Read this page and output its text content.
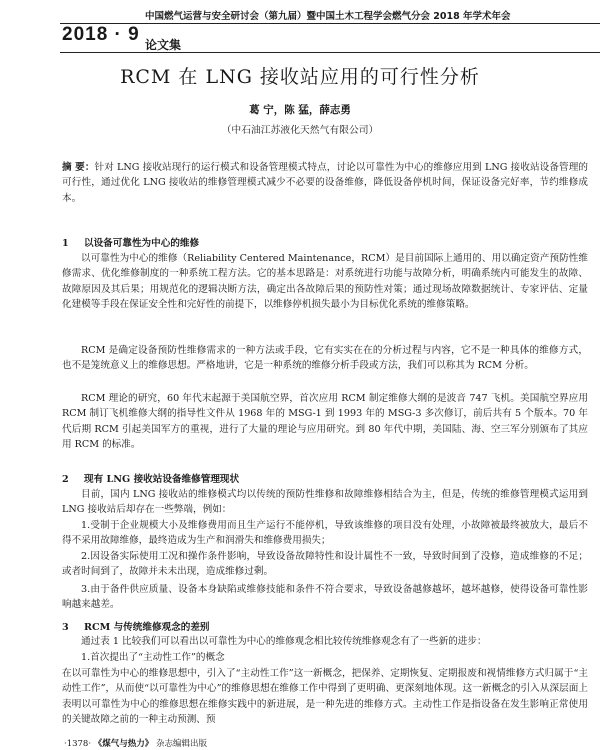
2018 · 9
中国燃气运营与安全研讨会（第九届）暨中国土木工程学会燃气分会 2018 年学术年会
论文集
RCM 在 LNG 接收站应用的可行性分析
葛 宁，陈 猛，薛志勇
（中石油江苏液化天然气有限公司）

摘 要：针对 LNG 接收站现行的运行模式和设备管理模式特点，讨论以可靠性为中心的维修应用到 LNG 接收站设备管理的可行性，通过优化 LNG 接收站的维修管理模式减少不必要的设备维修，降低设备停机时间，保证设备完好率，节约维修成本。

1 以设备可靠性为中心的维修

以可靠性为中心的维修（Reliability Centered Maintenance，RCM）是目前国际上通用的、用以确定资产预防性维修需求、优化维修制度的一种系统工程方法。它的基本思路是：对系统进行功能与故障分析，明确系统内可能发生的故障、故障原因及其后果；用规范化的逻辑决断方法，确定出各故障后果的预防性对策；通过现场故障数据统计、专家评估、定量化建模等手段在保证安全性和完好性的前提下，以维修停机损失最小为目标优化系统的维修策略。

RCM 是确定设备预防性维修需求的一种方法或手段，它有实实在在的分析过程与内容，它不是一种具体的维修方式，也不是笼统意义上的维修思想。严格地讲，它是一种系统的维修分析手段或方法，我们可以称其为 RCM 分析。

RCM 理论的研究，60 年代末起源于美国航空界，首次应用 RCM 制定维修大纲的是波音 747 飞机。美国航空界应用 RCM 制订飞机维修大纲的指导性文件从 1968 年的 MSG-1 到 1993 年的 MSG-3 多次修订，前后共有 5 个版本。70 年代后期 RCM 引起美国军方的重视，进行了大量的理论与应用研究。到 80 年代中期，美国陆、海、空三军分别颁布了其应用 RCM 的标准。

2 现有 LNG 接收站设备维修管理现状

目前，国内 LNG 接收站的维修模式均以传统的预防性维修和故障维修相结合为主，但是，传统的维修管理模式运用到 LNG 接收站后却存在一些弊端，例如：

1.受制于企业规模大小及维修费用而且生产运行不能停机，导致该维修的项目没有处理，小故障被最终被放大，最后不得不采用故障维修，最终造成为生产和润滑失和维修费用损失；

2.因设备实际使用工况和操作条件影响，导致设备故障特性和设计属性不一致，导致时间到了没修，造成维修的不足；或者时间到了，故障并未未出现，造成维修过剩。

3.由于备件供应质量、设备本身缺陷或维修技能和条件不符合要求，导致设备越修越坏，越坏越修，使得设备可靠性影响越来越差。

3 RCM 与传统维修观念的差别

通过表 1 比较我们可以看出以可靠性为中心的维修观念相比较传统维修观念有了一些新的进步：

1.首次提出了“主动性工作”的概念

在以可靠性为中心的维修思想中，引入了“主动性工作”这一新概念，把保养、定期恢复、定期报废和视情维修方式归属于“主动性工作”，从而使“以可靠性为中心”的维修思想在维修工作中得到了更明确、更深刻地体现。这一新概念的引入从深层面上表明以可靠性为中心的维修思想在维修实践中的新进展，是一种先进的维修方式。主动性工作是指设备在发生影响正常使用的关键故障之前的一种主动预测、预

·1378· 《煤气与热力》 杂志编辑出版
